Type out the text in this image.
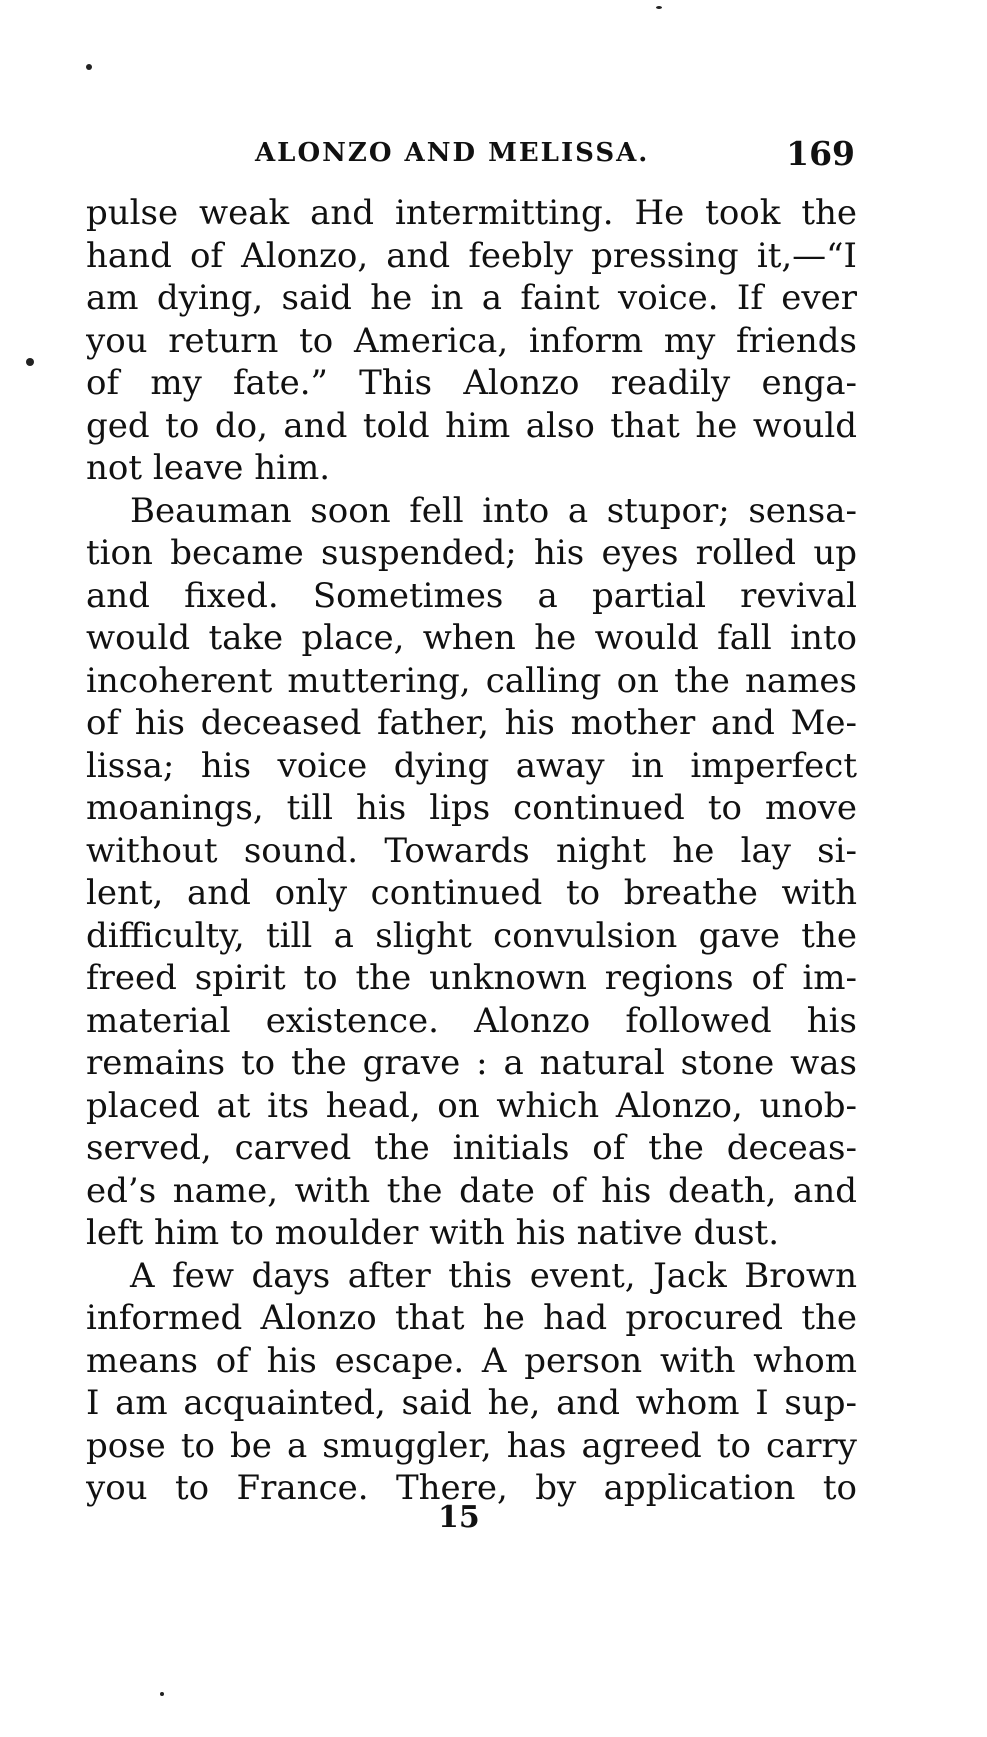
ALONZO AND MELISSA.	169
pulse weak and intermitting. He took the
hand of Alonzo, and feebly pressing it,—“I
am dying, said he in a faint voice. If ever
you return to America, inform my friends
of my fate.” This Alonzo readily enga-
ged to do, and told him also that he would
not leave him.
Beauman soon fell into a stupor; sensa-
tion became suspended; his eyes rolled up
and fixed. Sometimes a partial revival
would take place, when he would fall into
incoherent muttering, calling on the names
of his deceased father, his mother and Me-
lissa; his voice dying away in imperfect
moanings, till his lips continued to move
without sound. Towards night he lay si-
lent, and only continued to breathe with
difficulty, till a slight convulsion gave the
freed spirit to the unknown regions of im-
material existence. Alonzo followed his
remains to the grave : a natural stone was
placed at its head, on which Alonzo, unob-
served, carved the initials of the deceas-
ed’s name, with the date of his death, and
left him to moulder with his native dust.
A few days after this event, Jack Brown
informed Alonzo that he had procured the
means of his escape. A person with whom
I am acquainted, said he, and whom I sup-
pose to be a smuggler, has agreed to carry
you to France. There, by application to
15
